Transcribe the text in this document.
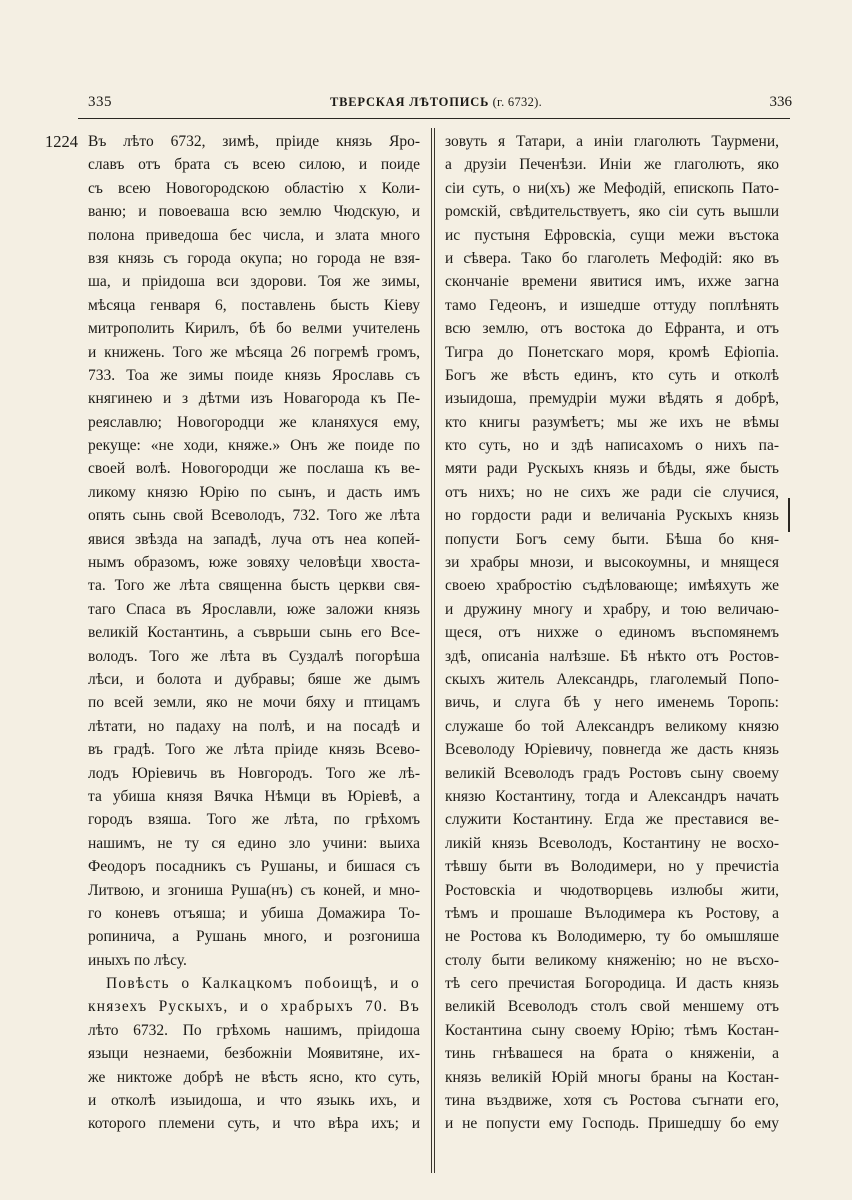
335	ТВЕРСКАЯ ЛѢТОПИСЬ (г. 6732).	336
1224 Въ лѣто 6732, зимѣ, пріиде князь Яро-
славъ отъ брата съ всею силою, и поиде
съ всею Новогородскою областію х Коли-
ваню; и повоеваша всю землю Чюдскую, и
полона приведоша бес числа, и злата много
взя князь съ города окупа; но города не взя-
ша, и пріидоша вси здорови. Тоя же зимы,
мѣсяца генваря 6, поставлень бысть Кіеву
митрополить Кирилъ, бѣ бо велми учителень
и книжень. Того же мѣсяца 26 погремѣ громъ,
733. Тоа же зимы поиде князь Ярославь съ
княгинею и з дѣтми изъ Новагорода къ Пе-
реяславлю; Новогородци же кланяхуся ему,
рекуще: «не ходи, княже.» Онъ же поиде по
своей волѣ. Новогородци же послаша къ ве-
ликому князю Юрію по сынъ, и дасть имъ
опять сынь свой Всеволодъ, 732. Того же лѣта
явися звѣзда на западѣ, луча отъ неа копей-
нымъ образомъ, юже зовяху человѣци хвоста-
та. Того же лѣта священна бысть церкви свя-
таго Спаса въ Ярославли, юже заложи князь
великій Костантинь, а съврьши сынь его Все-
володъ. Того же лѣта въ Суздалѣ погорѣша
лѣси, и болота и дубравы; бяше же дымъ
по всей земли, яко не мочи бяху и птицамъ
лѣтати, но падаху на полѣ, и на посадѣ и
въ градѣ. Того же лѣта пріиде князь Всево-
лодъ Юріевичь въ Новгородъ. Того же лѣ-
та убиша князя Вячка Нѣмци въ Юріевѣ, а
городъ взяша. Того же лѣта, по грѣхомъ
нашимъ, не ту ся едино зло учини: выиха
Феодоръ посадникъ съ Рушаны, и бишася съ
Литвою, и згониша Руша(нъ) съ коней, и мно-
го коневъ отъяша; и убиша Домажира То-
ропинича, а Рушань много, и розгониша
иныхъ по лѣсу.
Повѣсть о Калкацкомъ побоищѣ, и о
князехъ Рускыхъ, и о храбрыхъ 70. Въ
лѣто 6732. По грѣхомь нашимъ, пріидоша
языци незнаеми, безбожніи Моявитяне, их-
же никтоже добрѣ не вѣсть ясно, кто суть,
и отколѣ изыидоша, и что языкь ихъ, и
которого племени суть, и что вѣра ихъ; и
зовуть я Татари, а инiи глаголють Таурмени,
а друзiи Печенѣзи. Иніи же глаголють, яко
сіи суть, о ни(хъ) же Мефодій, епископь Пато-
ромскій, свѣдительствуетъ, яко сіи суть вышли
ис пустыня Ефровскіа, сущи межи въстока
и сѣвера. Тако бо глаголеть Мефодій: яко въ
скончаніе времени явитися имъ, ихже загна
тамо Гедеонъ, и изшедше оттуду поплѣнять
всю землю, отъ востока до Ефранта, и отъ
Тигра до Понетскаго моря, кромѣ Ефіопіа.
Богъ же вѣсть единъ, кто суть и отколѣ
изыидоша, премудріи мужи вѣдять я добрѣ,
кто книгы разумѣетъ; мы же ихъ не вѣмы
кто суть, но и здѣ написахомъ о нихъ па-
мяти ради Рускыхъ князь и бѣды, яже бысть
отъ нихъ; но не сихъ же ради сіе случися,
но гордости ради и величаніа Рускыхъ князь
попусти Богъ сему быти. Бѣша бо кня-
зи храбры мнози, и высокоумны, и мнящеся
своею храбростію съдѣловающе; имѣяхуть же
и дружину многу и храбру, и тою величаю-
щеся, отъ нихже о единомъ въспомянемъ
здѣ, описаніа налѣзше. Бѣ нѣкто отъ Ростов-
скыхъ житель Александрь, глаголемый Попо-
вичь, и слуга бѣ у него именемь Торопь:
служаше бо той Александръ великому князю
Всеволоду Юріевичу, повнегда же дасть князь
великій Всеволодъ градъ Ростовъ сыну своему
князю Костантину, тогда и Александръ начать
служити Костантину. Егда же преставися ве-
ликій князь Всеволодъ, Костантину не восхо-
тѣвшу быти въ Володимери, но у пречистіа
Ростовскіа и чюдотворцевь излюбы жити,
тѣмъ и прошаше Вълодимера къ Ростову, а
не Ростова къ Володимерю, ту бо омышляше
столу быти великому княженію; но не въсхо-
тѣ сего пречистая Богородица. И дасть князь
великій Всеволодъ столъ свой меншему отъ
Костантина сыну своему Юрію; тѣмъ Костан-
тинь гнѣвашеся на брата о княженіи, а
князь великій Юрій многы браны на Костан-
тина въздвиже, хотя съ Ростова съгнати его,
и не попусти ему Господь. Пришедшу бо ему
